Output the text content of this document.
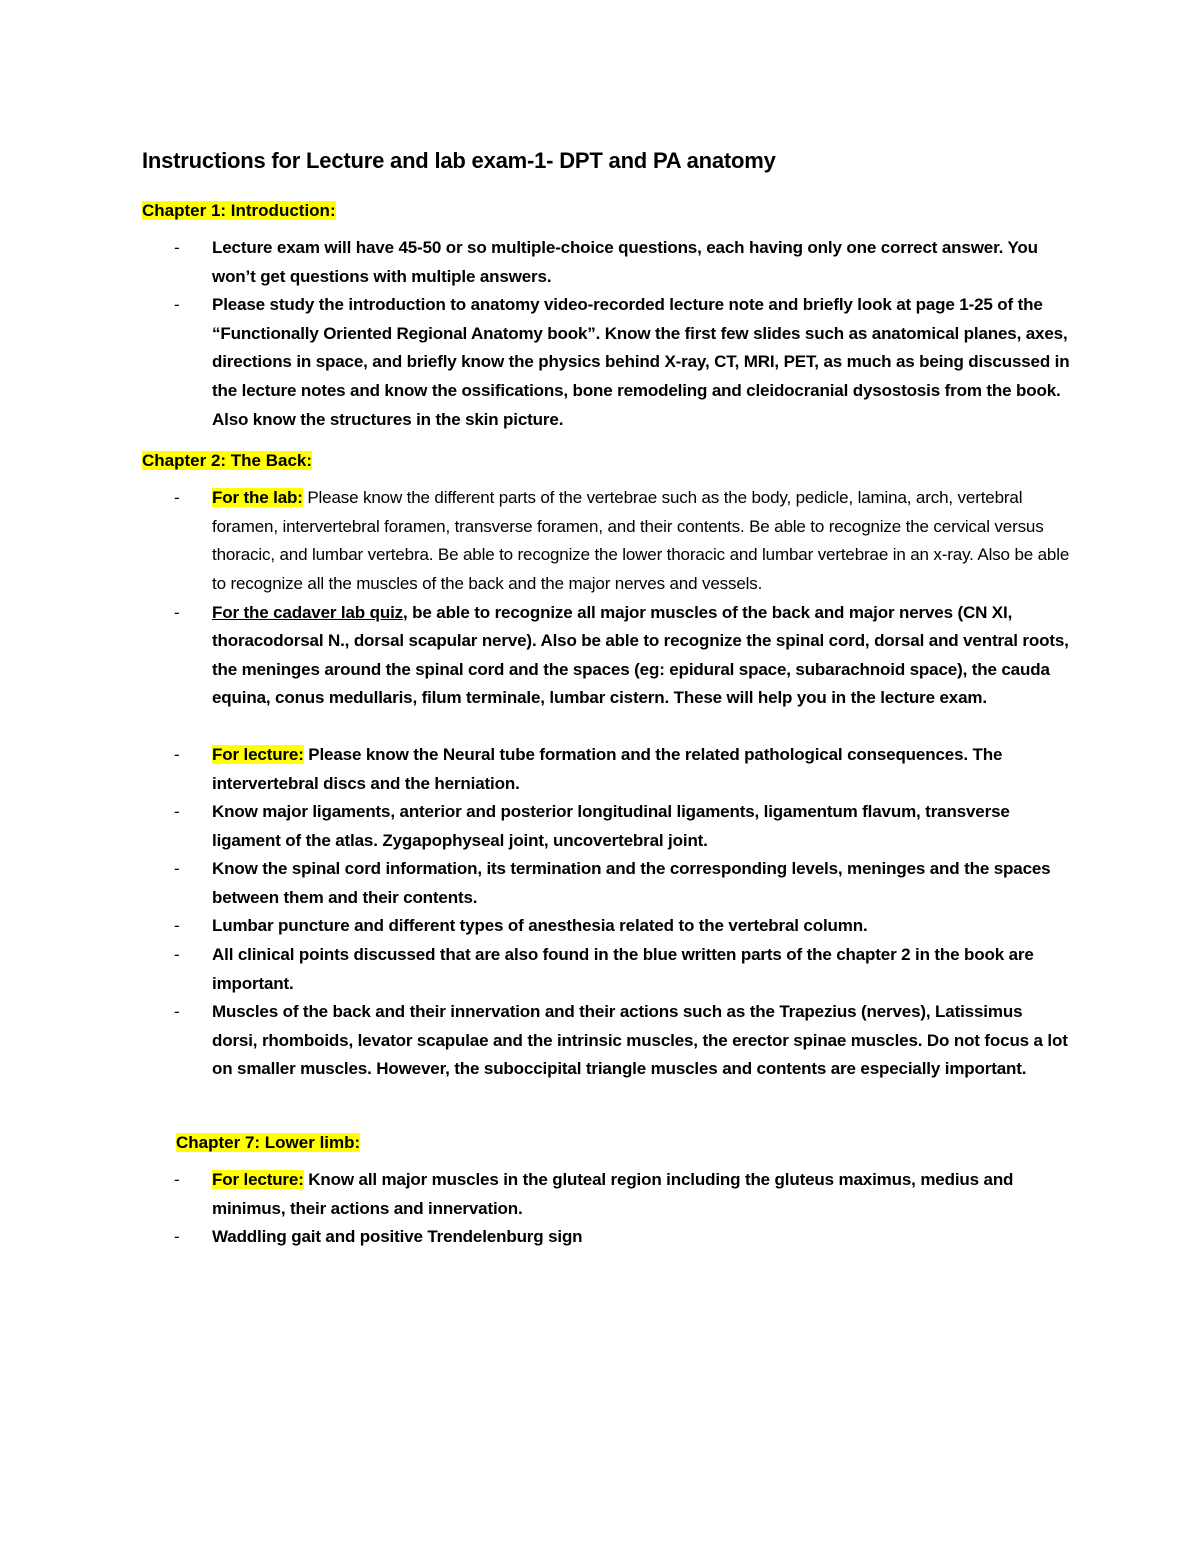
Instructions for Lecture and lab exam-1- DPT and PA anatomy

Chapter 1: Introduction:

- Lecture exam will have 45-50 or so multiple-choice questions, each having only one correct answer. You won’t get questions with multiple answers.
- Please study the introduction to anatomy video-recorded lecture note and briefly look at page 1-25 of the “Functionally Oriented Regional Anatomy book”. Know the first few slides such as anatomical planes, axes, directions in space, and briefly know the physics behind X-ray, CT, MRI, PET, as much as being discussed in the lecture notes and know the ossifications, bone remodeling and cleidocranial dysostosis from the book. Also know the structures in the skin picture.

Chapter 2: The Back:

- For the lab: Please know the different parts of the vertebrae such as the body, pedicle, lamina, arch, vertebral foramen, intervertebral foramen, transverse foramen, and their contents. Be able to recognize the cervical versus thoracic, and lumbar vertebra. Be able to recognize the lower thoracic and lumbar vertebrae in an x-ray. Also be able to recognize all the muscles of the back and the major nerves and vessels.
- For the cadaver lab quiz, be able to recognize all major muscles of the back and major nerves (CN XI, thoracodorsal N., dorsal scapular nerve). Also be able to recognize the spinal cord, dorsal and ventral roots, the meninges around the spinal cord and the spaces (eg: epidural space, subarachnoid space), the cauda equina, conus medullaris, filum terminale, lumbar cistern. These will help you in the lecture exam.
- For lecture: Please know the Neural tube formation and the related pathological consequences. The intervertebral discs and the herniation.
- Know major ligaments, anterior and posterior longitudinal ligaments, ligamentum flavum, transverse ligament of the atlas. Zygapophyseal joint, uncovertebral joint.
- Know the spinal cord information, its termination and the corresponding levels, meninges and the spaces between them and their contents.
- Lumbar puncture and different types of anesthesia related to the vertebral column.
- All clinical points discussed that are also found in the blue written parts of the chapter 2 in the book are important.
- Muscles of the back and their innervation and their actions such as the Trapezius (nerves), Latissimus dorsi, rhomboids, levator scapulae and the intrinsic muscles, the erector spinae muscles. Do not focus a lot on smaller muscles. However, the suboccipital triangle muscles and contents are especially important.

Chapter 7: Lower limb:

- For lecture: Know all major muscles in the gluteal region including the gluteus maximus, medius and minimus, their actions and innervation.
- Waddling gait and positive Trendelenburg sign
